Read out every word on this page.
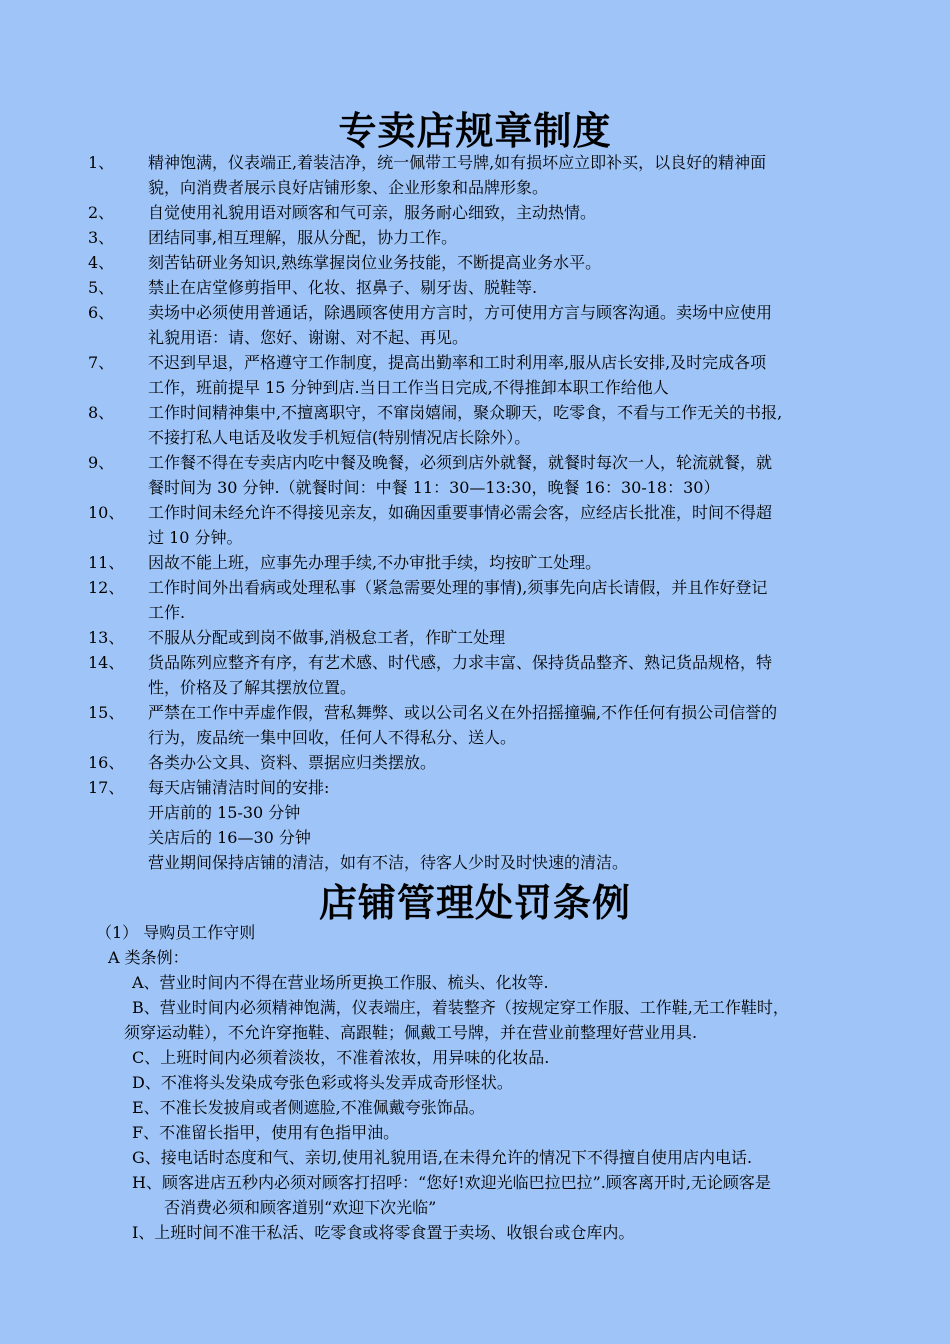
专卖店规章制度
1、	精神饱满，仪表端正,着装洁净，统一佩带工号牌,如有损坏应立即补买，以良好的精神面
貌，向消费者展示良好店铺形象、企业形象和品牌形象。
2、	自觉使用礼貌用语对顾客和气可亲，服务耐心细致，主动热情。
3、	团结同事,相互理解，服从分配，协力工作。
4、	刻苦钻研业务知识,熟练掌握岗位业务技能，不断提高业务水平。
5、	禁止在店堂修剪指甲、化妆、抠鼻子、剔牙齿、脱鞋等.
6、	卖场中必须使用普通话，除遇顾客使用方言时，方可使用方言与顾客沟通。卖场中应使用
礼貌用语：请、您好、谢谢、对不起、再见。
7、	不迟到早退，严格遵守工作制度，提高出勤率和工时利用率,服从店长安排,及时完成各项
工作，班前提早 15 分钟到店.当日工作当日完成,不得推卸本职工作给他人
8、	工作时间精神集中,不擅离职守，不窜岗嬉闹，聚众聊天，吃零食，不看与工作无关的书报,
不接打私人电话及收发手机短信(特别情况店长除外）。
9、	工作餐不得在专卖店内吃中餐及晚餐，必须到店外就餐，就餐时每次一人，轮流就餐，就
餐时间为 30 分钟.（就餐时间：中餐 11：30—13:30，晚餐 16：30-18：30）
10、	工作时间未经允许不得接见亲友，如确因重要事情必需会客，应经店长批准，时间不得超
过 10 分钟。
11、	因故不能上班，应事先办理手续,不办审批手续，均按旷工处理。
12、	工作时间外出看病或处理私事（紧急需要处理的事情),须事先向店长请假，并且作好登记
工作.
13、	不服从分配或到岗不做事,消极怠工者，作旷工处理
14、	货品陈列应整齐有序，有艺术感、时代感，力求丰富、保持货品整齐、熟记货品规格，特
性，价格及了解其摆放位置。
15、	严禁在工作中弄虚作假，营私舞弊、或以公司名义在外招摇撞骗,不作任何有损公司信誉的
行为，废品统一集中回收，任何人不得私分、送人。
16、	各类办公文具、资料、票据应归类摆放。
17、	每天店铺清洁时间的安排:
开店前的 15-30 分钟
关店后的 16—30 分钟
营业期间保持店铺的清洁，如有不洁，待客人少时及时快速的清洁。
店铺管理处罚条例
（1） 导购员工作守则
A 类条例：
A、营业时间内不得在营业场所更换工作服、梳头、化妆等.
B、营业时间内必须精神饱满，仪表端庄，着装整齐（按规定穿工作服、工作鞋,无工作鞋时，
须穿运动鞋），不允许穿拖鞋、高跟鞋；佩戴工号牌，并在营业前整理好营业用具.
C、上班时间内必须着淡妆，不准着浓妆，用异味的化妆品.
D、不准将头发染成夸张色彩或将头发弄成奇形怪状。
E、不准长发披肩或者侧遮脸,不准佩戴夸张饰品。
F、不准留长指甲，使用有色指甲油。
G、接电话时态度和气、亲切,使用礼貌用语,在未得允许的情况下不得擅自使用店内电话.
H、顾客进店五秒内必须对顾客打招呼：“您好!欢迎光临巴拉巴拉”.顾客离开时,无论顾客是
否消费必须和顾客道别“欢迎下次光临”
I、上班时间不准干私活、吃零食或将零食置于卖场、收银台或仓库内。
